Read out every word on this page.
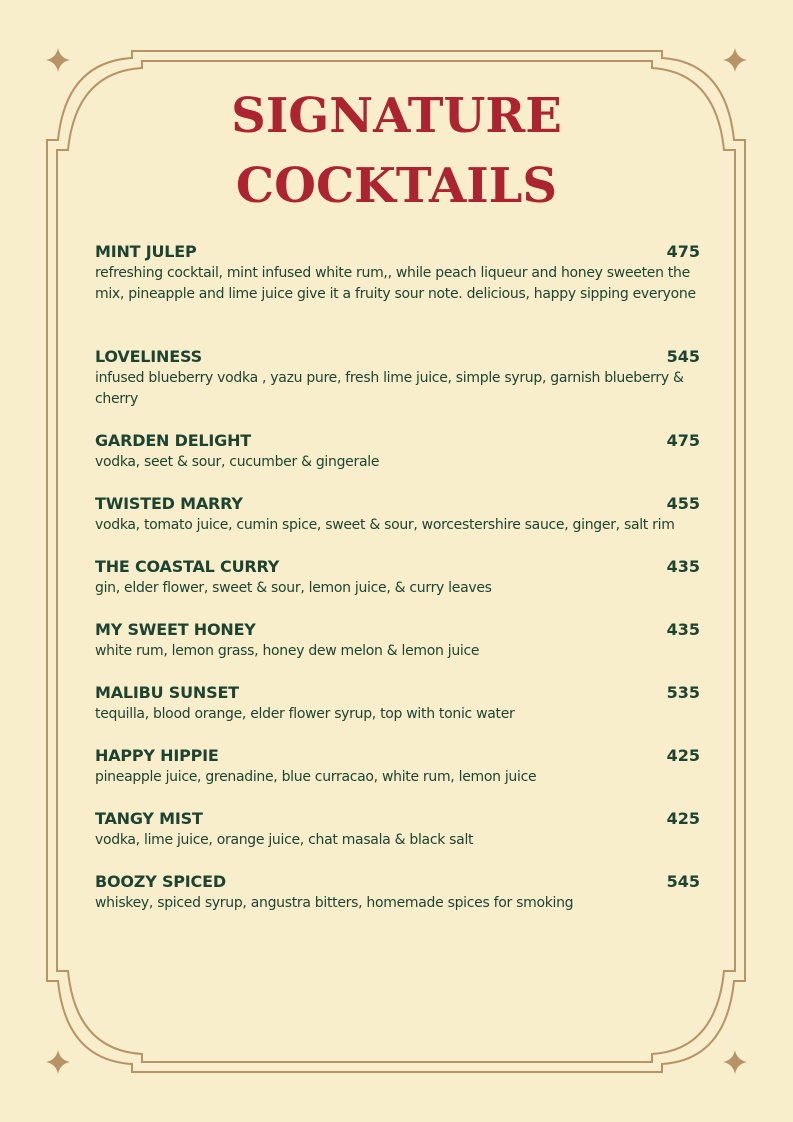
SIGNATURE
COCKTAILS
MINT JULEP	475
refreshing cocktail, mint infused white rum,, while peach liqueur and honey sweeten the mix, pineapple and lime juice give it a fruity sour note. delicious, happy sipping everyone
LOVELINESS	545
infused blueberry vodka , yazu pure, fresh lime juice, simple syrup, garnish blueberry & cherry
GARDEN DELIGHT	475
vodka, seet & sour, cucumber & gingerale
TWISTED MARRY	455
vodka, tomato juice, cumin spice, sweet & sour, worcestershire sauce, ginger, salt rim
THE COASTAL CURRY	435
gin, elder flower, sweet & sour, lemon juice, & curry leaves
MY SWEET HONEY	435
white rum, lemon grass, honey dew melon & lemon juice
MALIBU SUNSET	535
tequilla, blood orange, elder flower syrup, top with tonic water
HAPPY HIPPIE	425
pineapple juice, grenadine, blue curracao, white rum, lemon juice
TANGY MIST	425
vodka, lime juice, orange juice, chat masala & black salt
BOOZY SPICED	545
whiskey, spiced syrup, angustra bitters, homemade spices for smoking
